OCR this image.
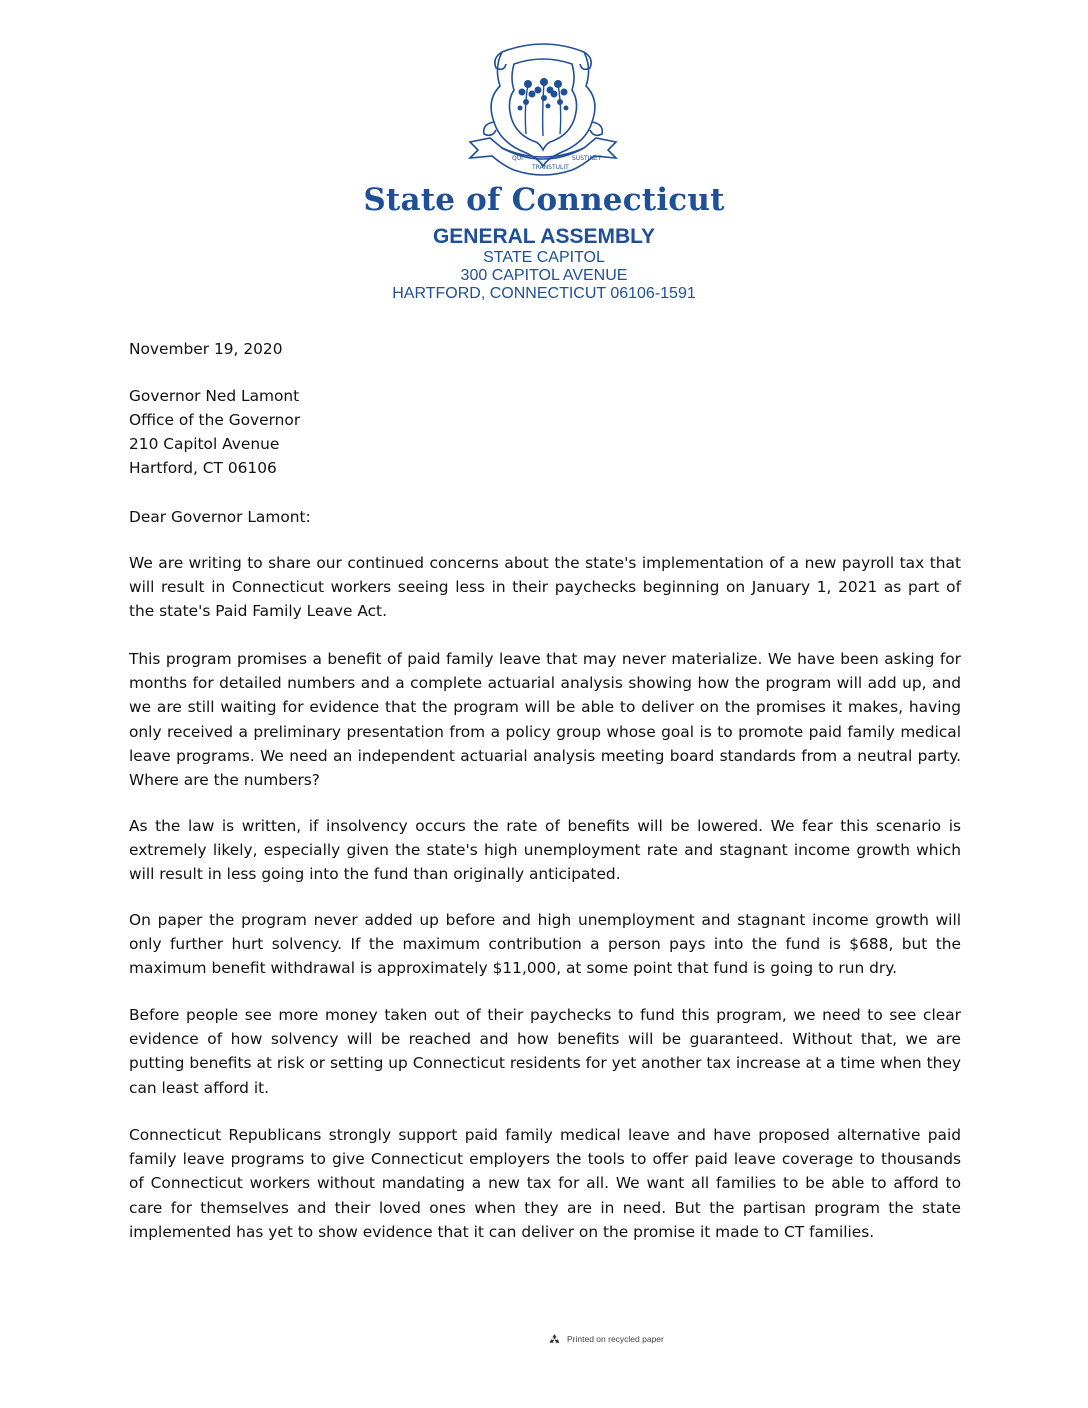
QUI
TRANSTULIT
SUSTINET
State of Connecticut
GENERAL ASSEMBLY
STATE CAPITOL
300 CAPITOL AVENUE
HARTFORD, CONNECTICUT 06106-1591
November 19, 2020
Governor Ned Lamont
Office of the Governor
210 Capitol Avenue
Hartford, CT 06106
Dear Governor Lamont:
We are writing to share our continued concerns about the state's implementation of a new payroll tax that will result in Connecticut workers seeing less in their paychecks beginning on January 1, 2021 as part of the state's Paid Family Leave Act.
This program promises a benefit of paid family leave that may never materialize. We have been asking for months for detailed numbers and a complete actuarial analysis showing how the program will add up, and we are still waiting for evidence that the program will be able to deliver on the promises it makes, having only received a preliminary presentation from a policy group whose goal is to promote paid family medical leave programs. We need an independent actuarial analysis meeting board standards from a neutral party. Where are the numbers?
As the law is written, if insolvency occurs the rate of benefits will be lowered. We fear this scenario is extremely likely, especially given the state's high unemployment rate and stagnant income growth which will result in less going into the fund than originally anticipated.
On paper the program never added up before and high unemployment and stagnant income growth will only further hurt solvency. If the maximum contribution a person pays into the fund is $688, but the maximum benefit withdrawal is approximately $11,000, at some point that fund is going to run dry.
Before people see more money taken out of their paychecks to fund this program, we need to see clear evidence of how solvency will be reached and how benefits will be guaranteed. Without that, we are putting benefits at risk or setting up Connecticut residents for yet another tax increase at a time when they can least afford it.
Connecticut Republicans strongly support paid family medical leave and have proposed alternative paid family leave programs to give Connecticut employers the tools to offer paid leave coverage to thousands of Connecticut workers without mandating a new tax for all. We want all families to be able to afford to care for themselves and their loved ones when they are in need. But the partisan program the state implemented has yet to show evidence that it can deliver on the promise it made to CT families.
Printed on recycled paper
